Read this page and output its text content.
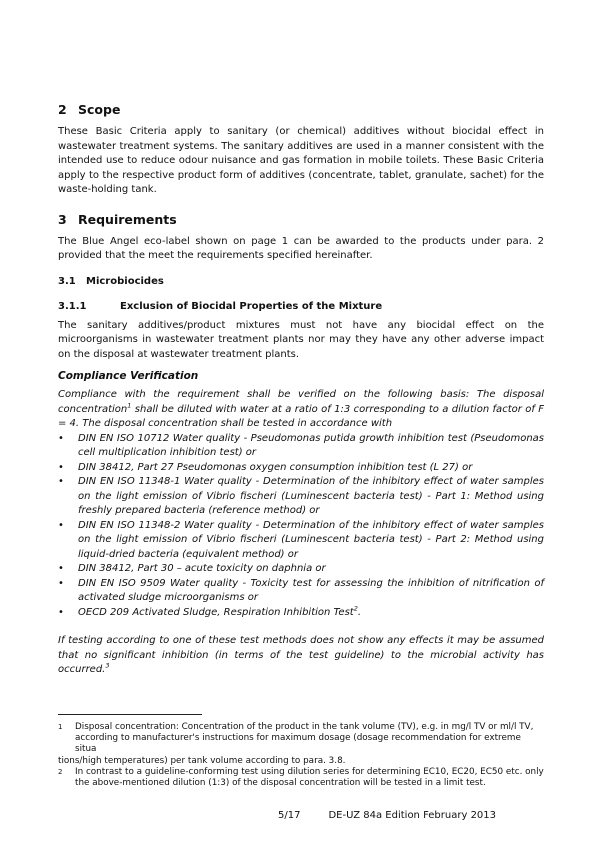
2 Scope

These Basic Criteria apply to sanitary (or chemical) additives without biocidal effect in wastewater treatment systems. The sanitary additives are used in a manner consistent with the intended use to reduce odour nuisance and gas formation in mobile toilets. These Basic Criteria apply to the respective product form of additives (concentrate, tablet, granulate, sachet) for the waste-holding tank.

3 Requirements

The Blue Angel eco-label shown on page 1 can be awarded to the products under para. 2 provided that the meet the requirements specified hereinafter.

3.1 Microbiocides
3.1.1	Exclusion of Biocidal Properties of the Mixture

The sanitary additives/product mixtures must not have any biocidal effect on the microorganisms in wastewater treatment plants nor may they have any other adverse impact on the disposal at wastewater treatment plants.

Compliance Verification

Compliance with the requirement shall be verified on the following basis: The disposal concentration$^1$ shall be diluted with water at a ratio of 1:3 corresponding to a dilution factor of F = 4. The disposal concentration shall be tested in accordance with

• DIN EN ISO 10712 Water quality - Pseudomonas putida growth inhibition test (Pseudomonas cell multiplication inhibition test) or
• DIN 38412, Part 27 Pseudomonas oxygen consumption inhibition test (L 27) or
• DIN EN ISO 11348-1 Water quality - Determination of the inhibitory effect of water samples on the light emission of Vibrio fischeri (Luminescent bacteria test) - Part 1: Method using freshly prepared bacteria (reference method) or
• DIN EN ISO 11348-2 Water quality - Determination of the inhibitory effect of water samples on the light emission of Vibrio fischeri (Luminescent bacteria test) - Part 2: Method using liquid-dried bacteria (equivalent method) or
• DIN 38412, Part 30 – acute toxicity on daphnia or
• DIN EN ISO 9509 Water quality - Toxicity test for assessing the inhibition of nitrification of activated sludge microorganisms or
• OECD 209 Activated Sludge, Respiration Inhibition Test$^2$.

If testing according to one of these test methods does not show any effects it may be assumed that no significant inhibition (in terms of the test guideline) to the microbial activity has occurred.$^3$

1 Disposal concentration: Concentration of the product in the tank volume (TV), e.g. in mg/l TV or ml/l TV, according to manufacturer's instructions for maximum dosage (dosage recommendation for extreme situa
tions/high temperatures) per tank volume according to para. 3.8.
2 In contrast to a guideline-conforming test using dilution series for determining EC10, EC20, EC50 etc. only the above-mentioned dilution (1:3) of the disposal concentration will be tested in a limit test.
5/17	DE-UZ 84a Edition February 2013
